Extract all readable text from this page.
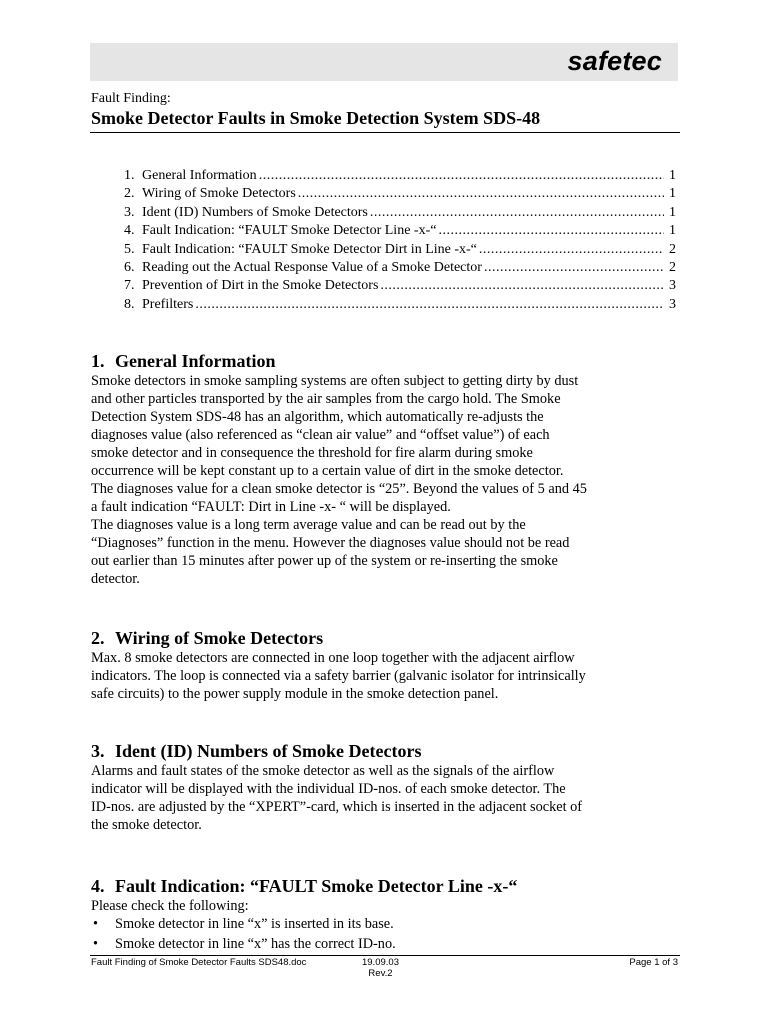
safetec
Fault Finding:
Smoke Detector Faults in Smoke Detection System SDS-48
1. General Information .....	1
2. Wiring of Smoke Detectors .....	1
3. Ident (ID) Numbers of Smoke Detectors .....	1
4. Fault Indication: “FAULT Smoke Detector Line -x-“ .....	1
5. Fault Indication: “FAULT Smoke Detector Dirt in Line -x-“ .....	2
6. Reading out the Actual Response Value of a Smoke Detector .....	2
7. Prevention of Dirt in the Smoke Detectors .....	3
8. Prefilters .....	3
1. General Information

Smoke detectors in smoke sampling systems are often subject to getting dirty by dust

and other particles transported by the air samples from the cargo hold. The Smoke

Detection System SDS-48 has an algorithm, which automatically re-adjusts the

diagnoses value (also referenced as “clean air value” and “offset value”) of each

smoke detector and in consequence the threshold for fire alarm during smoke

occurrence will be kept constant up to a certain value of dirt in the smoke detector.

The diagnoses value for a clean smoke detector is “25”. Beyond the values of 5 and 45

a fault indication “FAULT: Dirt in Line -x- “ will be displayed.

The diagnoses value is a long term average value and can be read out by the

“Diagnoses” function in the menu. However the diagnoses value should not be read

out earlier than 15 minutes after power up of the system or re-inserting the smoke

detector.

2. Wiring of Smoke Detectors

Max. 8 smoke detectors are connected in one loop together with the adjacent airflow

indicators. The loop is connected via a safety barrier (galvanic isolator for intrinsically

safe circuits) to the power supply module in the smoke detection panel.

3. Ident (ID) Numbers of Smoke Detectors

Alarms and fault states of the smoke detector as well as the signals of the airflow

indicator will be displayed with the individual ID-nos. of each smoke detector. The

ID-nos. are adjusted by the “XPERT”-card, which is inserted in the adjacent socket of

the smoke detector.

4. Fault Indication: “FAULT Smoke Detector Line -x-“

Please check the following:

• Smoke detector in line “x” is inserted in its base.
• Smoke detector in line “x” has the correct ID-no.
Fault Finding of Smoke Detector Faults SDS48.doc	19.09.03
Rev.2
Page 1 of 3
